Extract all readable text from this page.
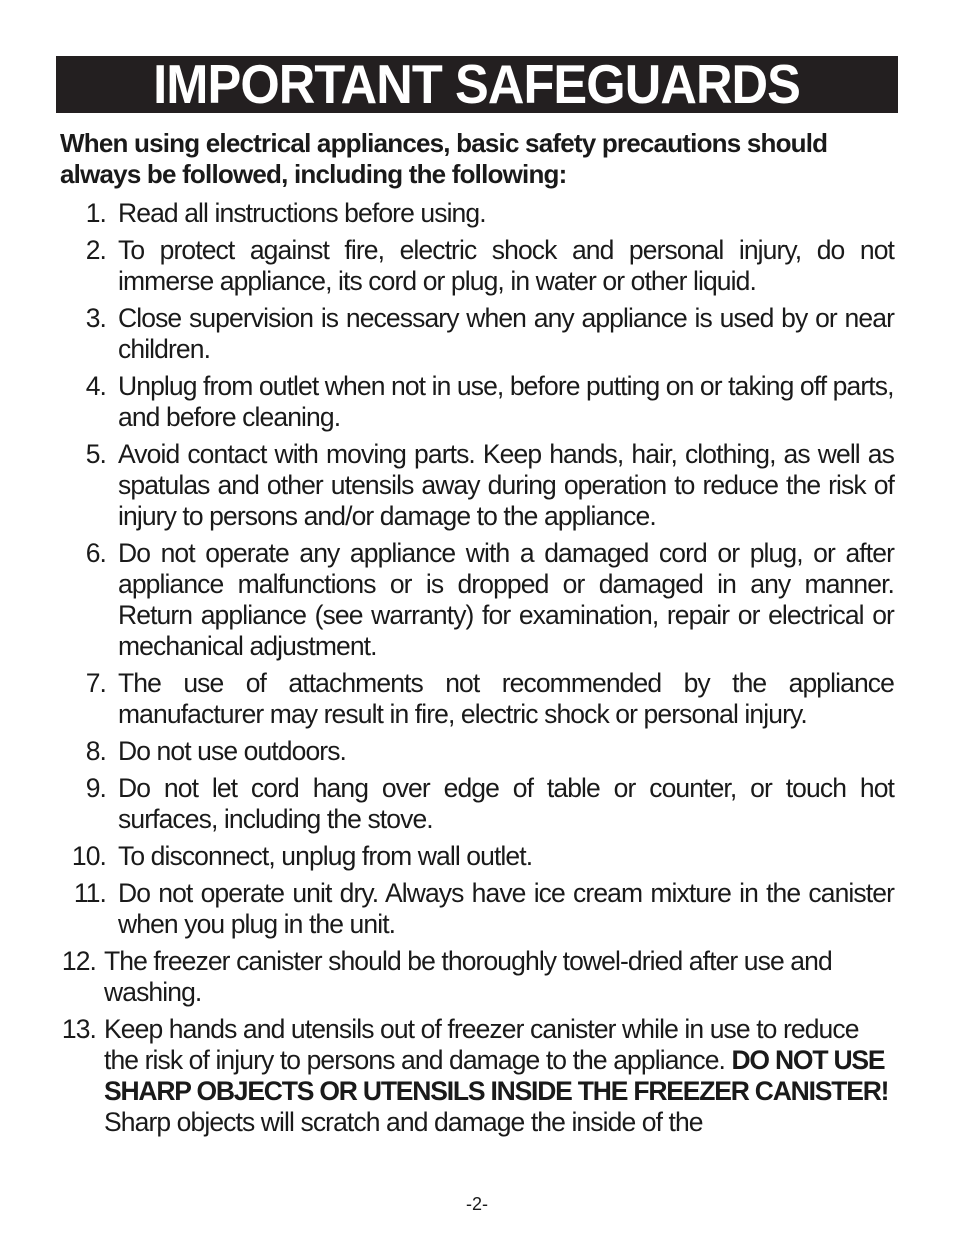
IMPORTANT SAFEGUARDS

When using electrical appliances, basic safety precautions should always be followed, including the following:

1. Read all instructions before using.
2. To protect against fire, electric shock and personal injury, do not immerse appliance, its cord or plug, in water or other liquid.
3. Close supervision is necessary when any appliance is used by or near children.
4. Unplug from outlet when not in use, before putting on or taking off parts, and before cleaning.
5. Avoid contact with moving parts. Keep hands, hair, clothing, as well as spatulas and other utensils away during operation to reduce the risk of injury to persons and/or damage to the appliance.
6. Do not operate any appliance with a damaged cord or plug, or after appliance malfunctions or is dropped or damaged in any manner. Return appliance (see warranty) for examination, repair or electrical or mechanical adjustment.
7. The use of attachments not recommended by the appliance manufacturer may result in fire, electric shock or personal injury.
8. Do not use outdoors.
9. Do not let cord hang over edge of table or counter, or touch hot surfaces, including the stove.
10. To disconnect, unplug from wall outlet.
11. Do not operate unit dry. Always have ice cream mixture in the canister when you plug in the unit.
12. The freezer canister should be thoroughly towel-dried after use and washing.
13. Keep hands and utensils out of freezer canister while in use to reduce the risk of injury to persons and damage to the appliance. DO NOT USE SHARP OBJECTS OR UTENSILS INSIDE THE FREEZER CANISTER! Sharp objects will scratch and damage the inside of the
-2-
